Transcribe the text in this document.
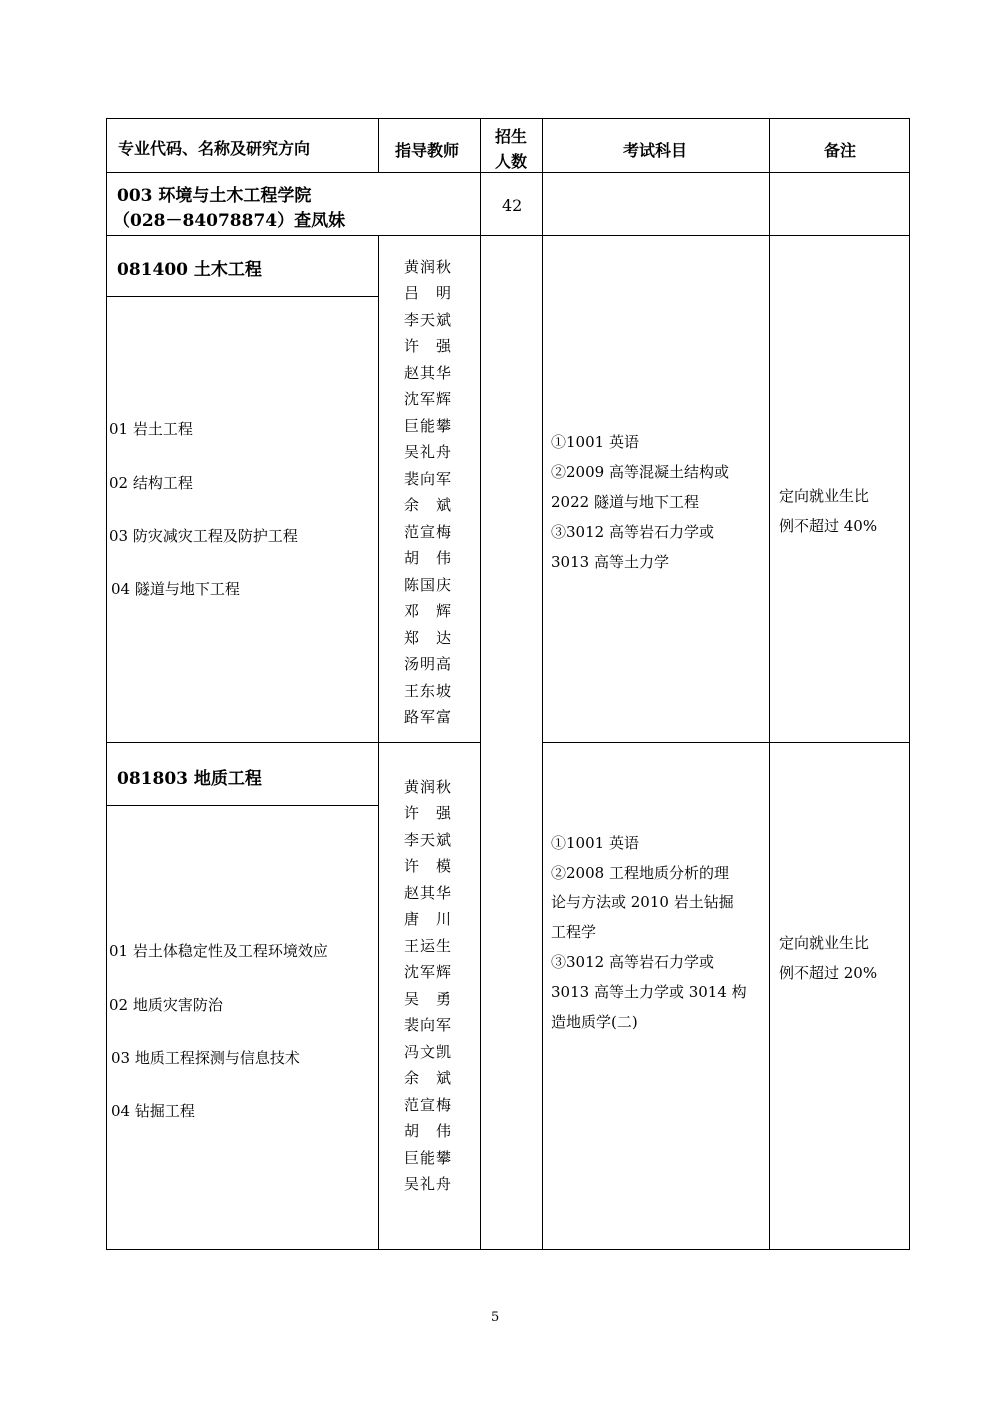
专业代码、名称及研究方向	指导教师
招生
人数
考试科目	备注
003 环境与土木工程学院
（028－84078874）查凤妹
42
081400 土木工程
01 岩土工程
02 结构工程
03 防灾减灾工程及防护工程
04 隧道与地下工程
黄润秋
吕　明
李天斌
许　强
赵其华
沈军辉
巨能攀
吴礼舟
裴向军
余　斌
范宣梅
胡　伟
陈国庆
邓　辉
郑　达
汤明高
王东坡
路军富
①1001 英语
②2009 高等混凝土结构或
2022 隧道与地下工程
③3012 高等岩石力学或
3013 高等土力学
定向就业生比
例不超过 40%
081803 地质工程
01 岩土体稳定性及工程环境效应
02 地质灾害防治
03 地质工程探测与信息技术
04 钻掘工程
黄润秋
许　强
李天斌
许　模
赵其华
唐　川
王运生
沈军辉
吴　勇
裴向军
冯文凯
余　斌
范宣梅
胡　伟
巨能攀
吴礼舟
①1001 英语
②2008 工程地质分析的理
论与方法或 2010 岩土钻掘
工程学
③3012 高等岩石力学或
3013 高等土力学或 3014 构
造地质学(二)
定向就业生比
例不超过 20%
5
